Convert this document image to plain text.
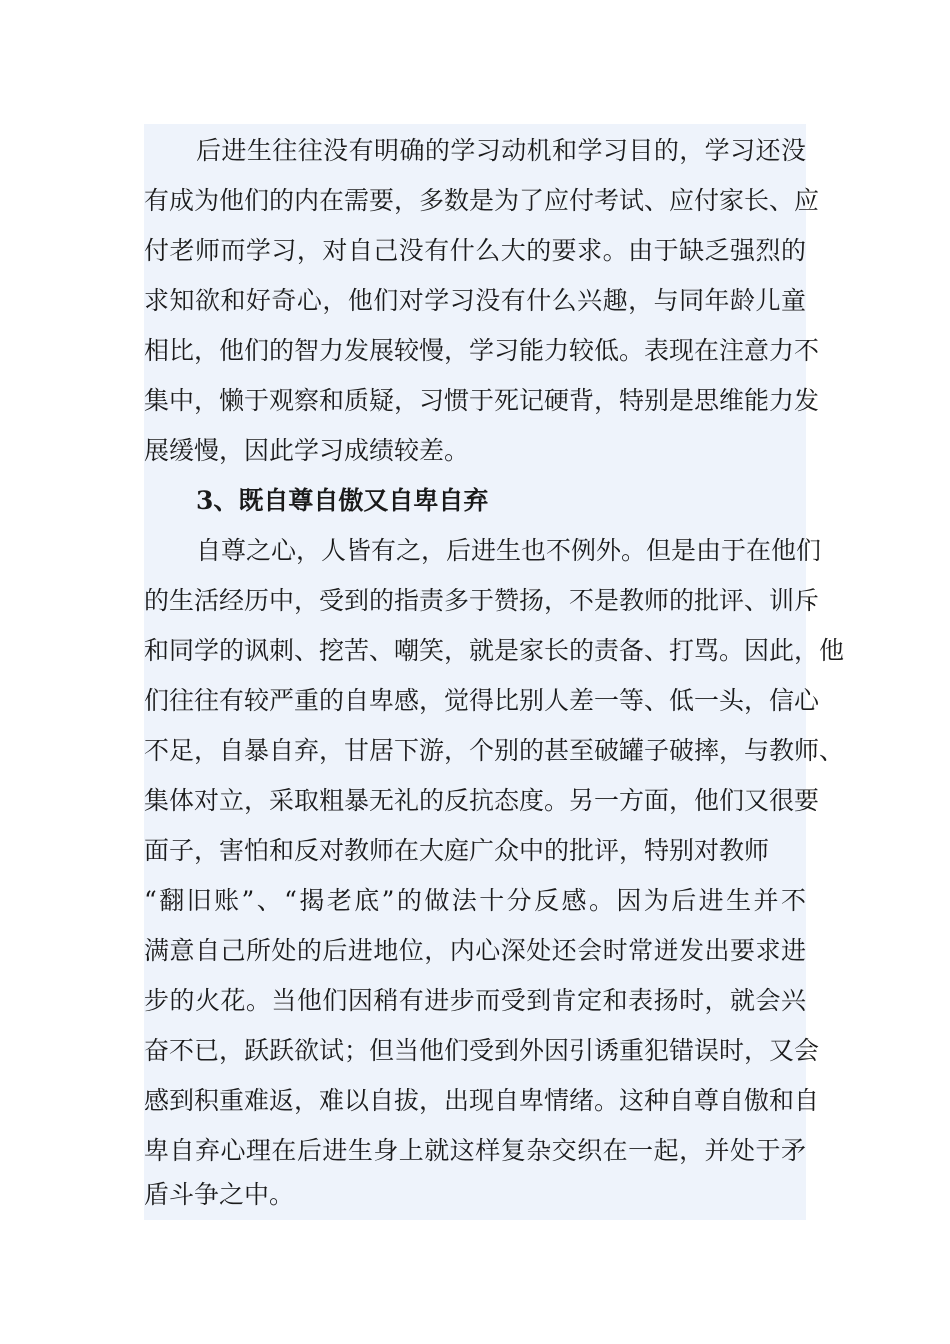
后进生往往没有明确的学习动机和学习目的，学习还没
有成为他们的内在需要，多数是为了应付考试、应付家长、应
付老师而学习，对自己没有什么大的要求。由于缺乏强烈的
求知欲和好奇心，他们对学习没有什么兴趣，与同年龄儿童
相比，他们的智力发展较慢，学习能力较低。表现在注意力不
集中，懒于观察和质疑，习惯于死记硬背，特别是思维能力发
展缓慢，因此学习成绩较差。
3、既自尊自傲又自卑自弃
自尊之心，人皆有之，后进生也不例外。但是由于在他们
的生活经历中，受到的指责多于赞扬，不是教师的批评、训斥
和同学的讽刺、挖苦、嘲笑，就是家长的责备、打骂。因此，他
们往往有较严重的自卑感，觉得比别人差一等、低一头，信心
不足，自暴自弃，甘居下游，个别的甚至破罐子破摔，与教师、
集体对立，采取粗暴无礼的反抗态度。另一方面，他们又很要
面子，害怕和反对教师在大庭广众中的批评，特别对教师
“翻旧账”、“揭老底”的做法十分反感。因为后进生并不
满意自己所处的后进地位，内心深处还会时常迸发出要求进
步的火花。当他们因稍有进步而受到肯定和表扬时，就会兴
奋不已，跃跃欲试；但当他们受到外因引诱重犯错误时，又会
感到积重难返，难以自拔，出现自卑情绪。这种自尊自傲和自
卑自弃心理在后进生身上就这样复杂交织在一起，并处于矛
盾斗争之中。
